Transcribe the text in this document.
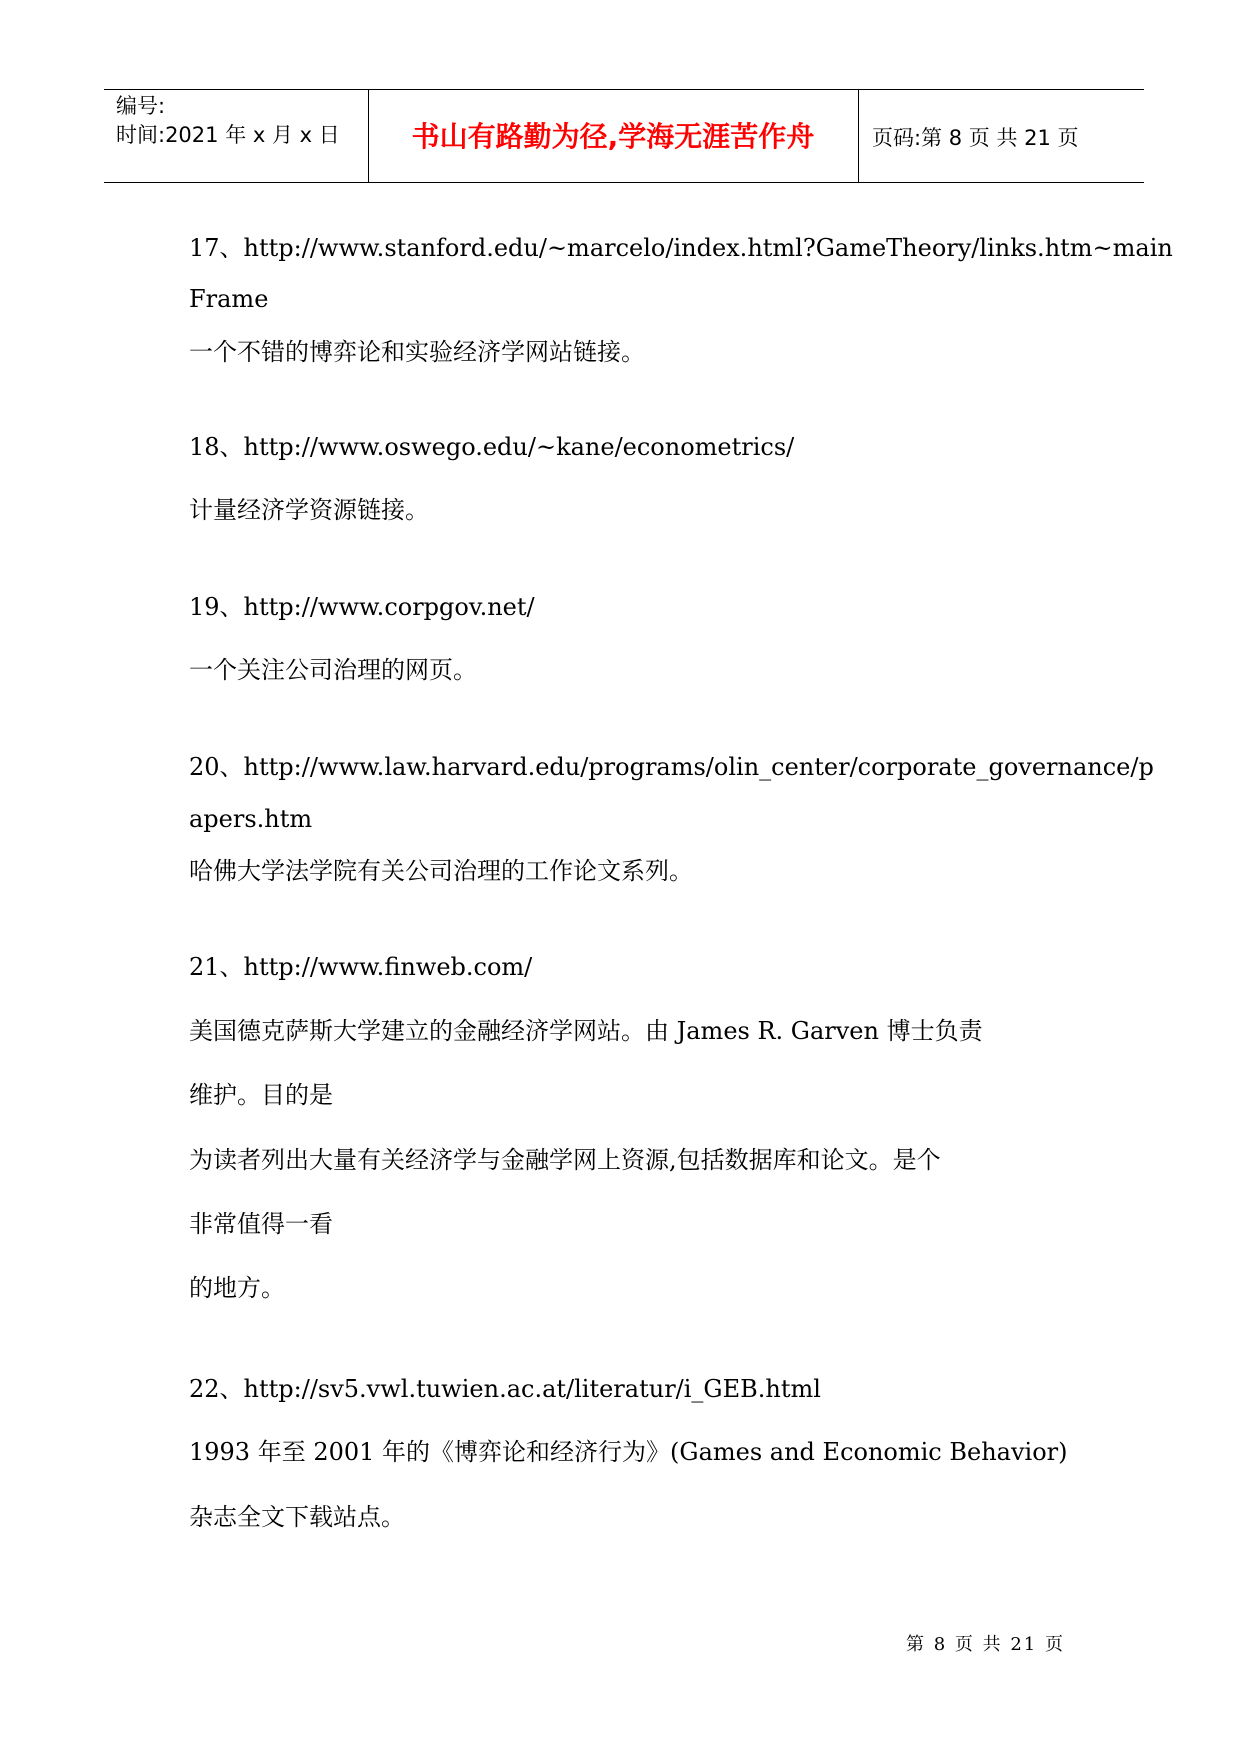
编号:
时间:2021 年 x 月 x 日	书山有路勤为径,学海无涯苦作舟	页码:第 8 页 共 21 页
17、http://www.stanford.edu/~marcelo/index.html?GameTheory/links.htm~main
Frame
一个不错的博弈论和实验经济学网站链接。
18、http://www.oswego.edu/~kane/econometrics/
计量经济学资源链接。
19、http://www.corpgov.net/
一个关注公司治理的网页。
20、http://www.law.harvard.edu/programs/olin_center/corporate_governance/p
apers.htm
哈佛大学法学院有关公司治理的工作论文系列。
21、http://www.finweb.com/
美国德克萨斯大学建立的金融经济学网站。由 James R. Garven 博士负责
维护。目的是
为读者列出大量有关经济学与金融学网上资源,包括数据库和论文。是个
非常值得一看
的地方。
22、http://sv5.vwl.tuwien.ac.at/literatur/i_GEB.html
1993 年至 2001 年的《博弈论和经济行为》(Games and Economic Behavior)
杂志全文下载站点。
第 8 页 共 21 页
